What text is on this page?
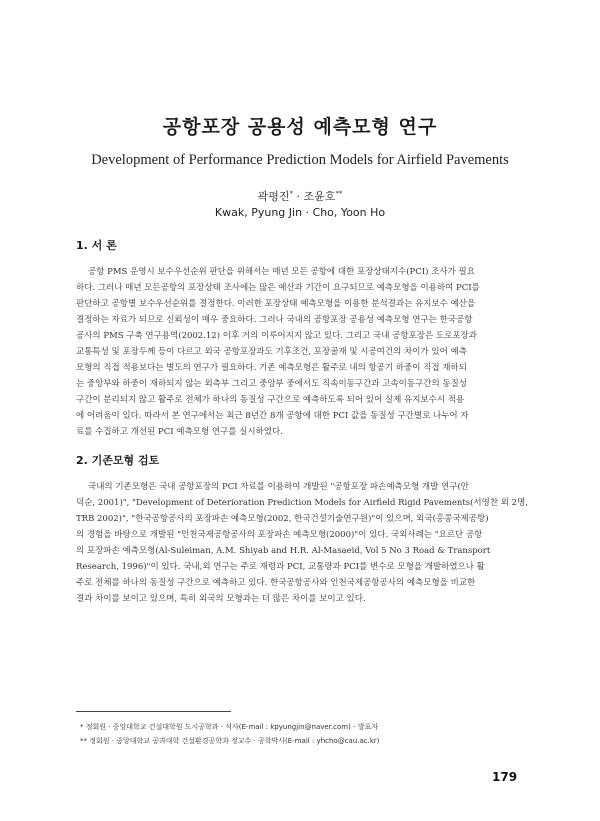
공항포장 공용성 예측모형 연구
Development of Performance Prediction Models for Airfield Pavements
곽평진* · 조윤호**
Kwak, Pyung Jin · Cho, Yoon Ho
1. 서 론
공항 PMS 운영시 보수우선순위 판단을 위해서는 매년 모든 공항에 대한 포장상태지수(PCI) 조사가 필요
하다. 그러나 매년 모든공항의 포장상태 조사에는 많은 예산과 기간이 요구되므로 예측모형을 이용하여 PCI를
판단하고 공항별 보수우선순위를 결정한다. 이러한 포장상태 예측모형을 이용한 분석결과는 유지보수 예산을
결정하는 자료가 되므로 신뢰성이 매우 중요하다. 그러나 국내의 공항포장 공용성 예측모형 연구는 한국공항
공사의 PMS 구축 연구용역(2002.12) 이후 거의 이루어지지 않고 있다. 그리고 국내 공항포장은 도로포장과
교통특성 및 포장두께 등이 다르고 외국 공항포장과도 기후조건, 포장골재 및 시공여건의 차이가 있어 예측
모형의 직접 적용보다는 별도의 연구가 필요하다. 기존 예측모형은 활주로 내의 항공기 하중이 직접 재하되
는 중앙부와 하중이 재하되지 않는 외측부 그리고 중앙부 중에서도 직속이동구간과 고속이동구간의 동질성
구간이 분리되지 않고 활주로 전체가 하나의 동질성 구간으로 예측하도록 되어 있어 실제 유지보수시 적용
에 어려움이 있다. 따라서 본 연구에서는 최근 8년간 8개 공항에 대한 PCI 값을 동질성 구간별로 나누어 자
료를 수집하고 개선된 PCI 예측모형 연구를 실시하였다.
2. 기존모형 검토
국내의 기존모형은 국내 공항포장의 PCI 자료를 이용하여 개발된 "공항포장 파손예측모형 개발 연구(안
덕순, 2001)", "Development of Deterioration Prediction Models for Airfield Rigid Pavements(서영찬 외 2명,
TRB 2002)", "한국공항공사의 포장파손 예측모형(2002, 한국건설기술연구원)"이 있으며, 외국(홍콩국제공항)
의 경험을 바탕으로 개발된 "인천국제공항공사의 포장파손 예측모형(2000)"이 있다. 국외사례는 "요르단 공항
의 포장파손 예측모형(Al-Suleiman, A.M. Shiyab and H.R. Al-Masaeid, Vol 5 No 3 Road & Transport
Research, 1996)"이 있다. 국내,외 연구는 주로 재령과 PCI, 교통량과 PCI를 변수로 모형을 개발하였으나 활
주로 전체를 하나의 동질성 구간으로 예측하고 있다. 한국공항공사와 인천국제공항공사의 예측모형을 비교한
결과 차이를 보이고 있으며, 특히 외국의 모형과는 더 많은 차이를 보이고 있다.
* 정회원 · 중앙대학교 건설대학원 도시공학과 · 석사(E-mail : kpyungjin@naver.com) - 발표자
** 정회원 · 중앙대학교 공과대학 건설환경공학과 정교수 · 공학박사(E-mail : yhcho@cau.ac.kr)
179
